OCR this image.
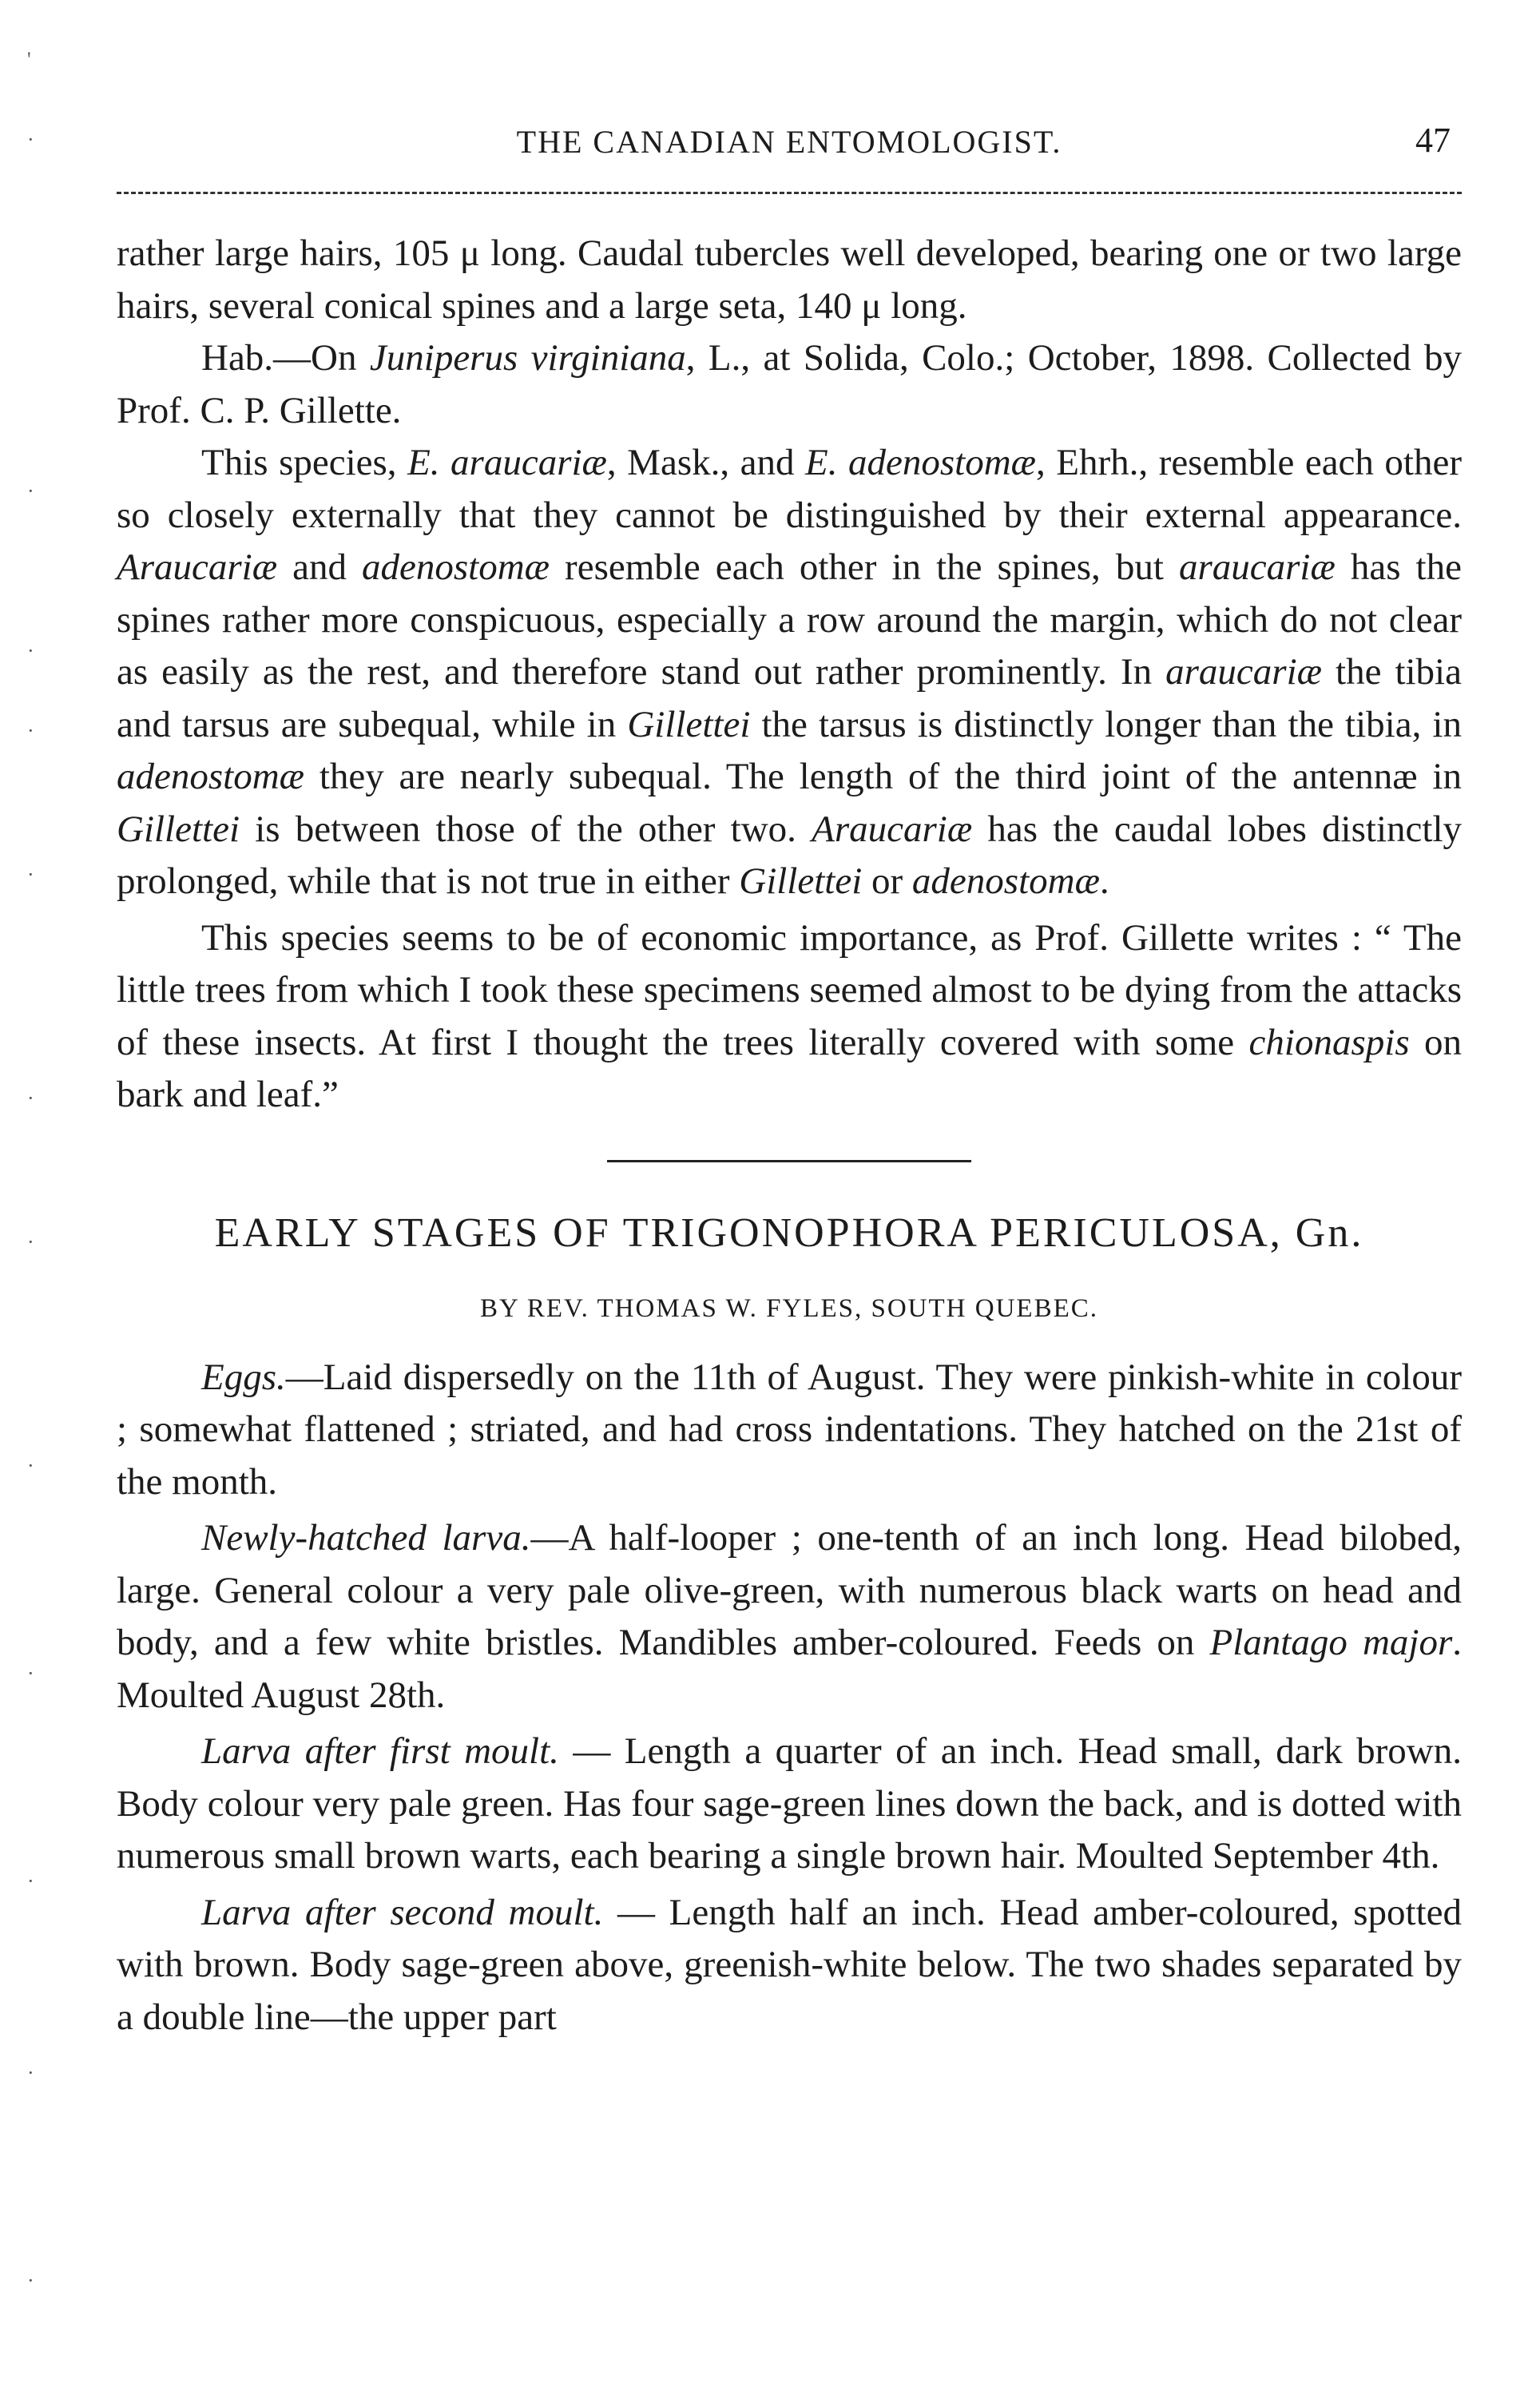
'
·
·
·
·
·
·
·
·
·
·
·
·
THE CANADIAN ENTOMOLOGIST.	47

rather large hairs, 105 μ long. Caudal tubercles well developed, bearing one or two large hairs, several conical spines and a large seta, 140 μ long.

Hab.—On Juniperus virginiana, L., at Solida, Colo.; October, 1898. Collected by Prof. C. P. Gillette.

This species, E. araucariæ, Mask., and E. adenostomæ, Ehrh., resemble each other so closely externally that they cannot be distinguished by their external appearance. Araucariæ and adenostomæ resemble each other in the spines, but araucariæ has the spines rather more conspicuous, especially a row around the margin, which do not clear as easily as the rest, and therefore stand out rather prominently. In araucariæ the tibia and tarsus are subequal, while in Gillettei the tarsus is distinctly longer than the tibia, in adenostomæ they are nearly subequal. The length of the third joint of the antennæ in Gillettei is between those of the other two. Araucariæ has the caudal lobes distinctly prolonged, while that is not true in either Gillettei or adenostomæ.

This species seems to be of economic importance, as Prof. Gillette writes : “ The little trees from which I took these specimens seemed almost to be dying from the attacks of these insects. At first I thought the trees literally covered with some chionaspis on bark and leaf.”

EARLY STAGES OF TRIGONOPHORA PERICULOSA, Gn.
BY REV. THOMAS W. FYLES, SOUTH QUEBEC.

Eggs.—Laid dispersedly on the 11th of August. They were pinkish-white in colour ; somewhat flattened ; striated, and had cross indentations. They hatched on the 21st of the month.

Newly-hatched larva.—A half-looper ; one-tenth of an inch long. Head bilobed, large. General colour a very pale olive-green, with numerous black warts on head and body, and a few white bristles. Mandibles amber-coloured. Feeds on Plantago major. Moulted August 28th.

Larva after first moult. — Length a quarter of an inch. Head small, dark brown. Body colour very pale green. Has four sage-green lines down the back, and is dotted with numerous small brown warts, each bearing a single brown hair. Moulted September 4th.

Larva after second moult. — Length half an inch. Head amber-coloured, spotted with brown. Body sage-green above, greenish-white below. The two shades separated by a double line—the upper part
